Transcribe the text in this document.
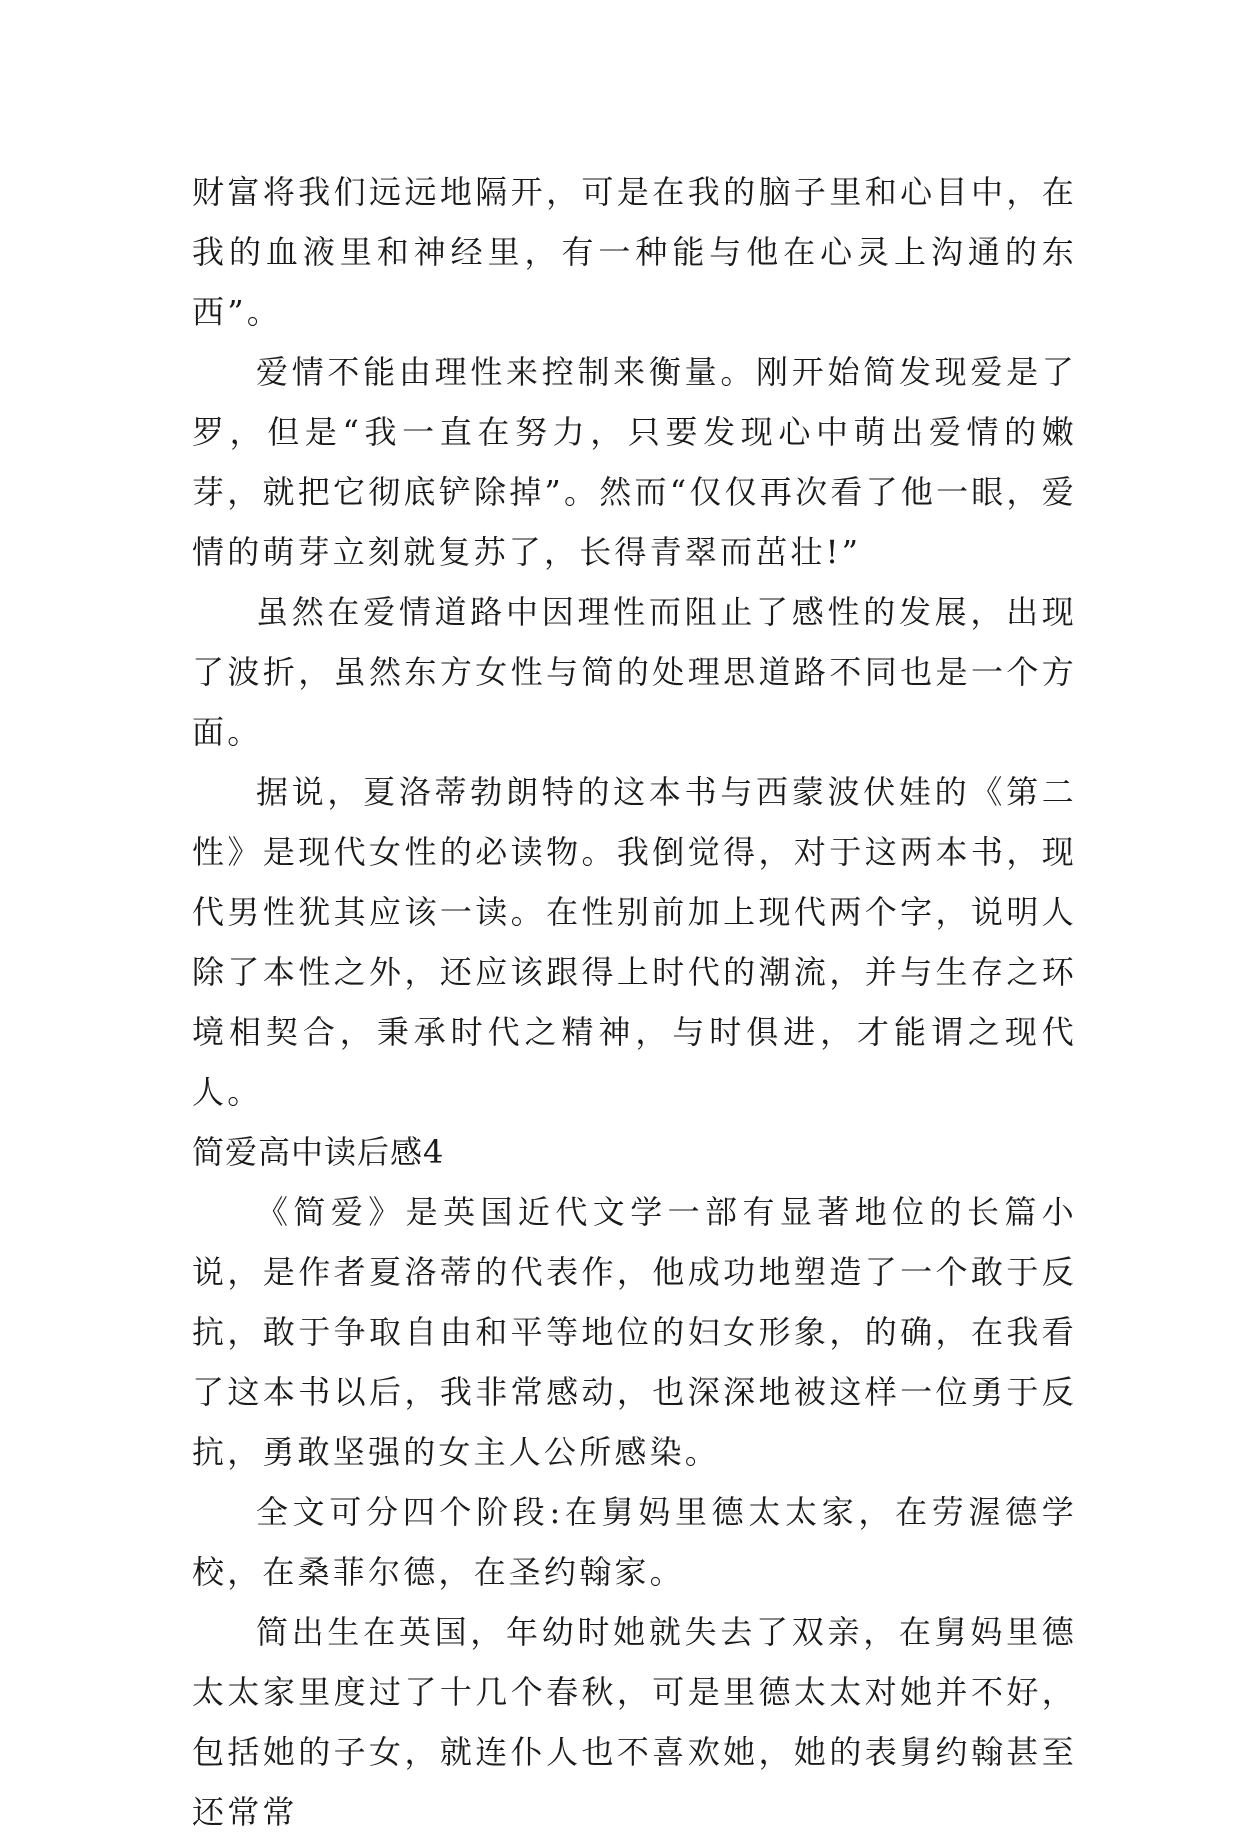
财富将我们远远地隔开，可是在我的脑子里和心目中，在我的血液里和神经里，有一种能与他在心灵上沟通的东西”。

爱情不能由理性来控制来衡量。刚开始简发现爱是了罗，但是“我一直在努力，只要发现心中萌出爱情的嫩芽，就把它彻底铲除掉”。然而“仅仅再次看了他一眼，爱情的萌芽立刻就复苏了，长得青翠而茁壮!”

虽然在爱情道路中因理性而阻止了感性的发展，出现了波折，虽然东方女性与简的处理思道路不同也是一个方面。

据说，夏洛蒂勃朗特的这本书与西蒙波伏娃的《第二性》是现代女性的必读物。我倒觉得，对于这两本书，现代男性犹其应该一读。在性别前加上现代两个字，说明人除了本性之外，还应该跟得上时代的潮流，并与生存之环境相契合，秉承时代之精神，与时俱进，才能谓之现代人。

简爱高中读后感4

《简爱》是英国近代文学一部有显著地位的长篇小说，是作者夏洛蒂的代表作，他成功地塑造了一个敢于反抗，敢于争取自由和平等地位的妇女形象，的确，在我看了这本书以后，我非常感动，也深深地被这样一位勇于反抗，勇敢坚强的女主人公所感染。

全文可分四个阶段:在舅妈里德太太家，在劳渥德学校，在桑菲尔德，在圣约翰家。

简出生在英国，年幼时她就失去了双亲，在舅妈里德太太家里度过了十几个春秋，可是里德太太对她并不好，包括她的子女，就连仆人也不喜欢她，她的表舅约翰甚至还常常
